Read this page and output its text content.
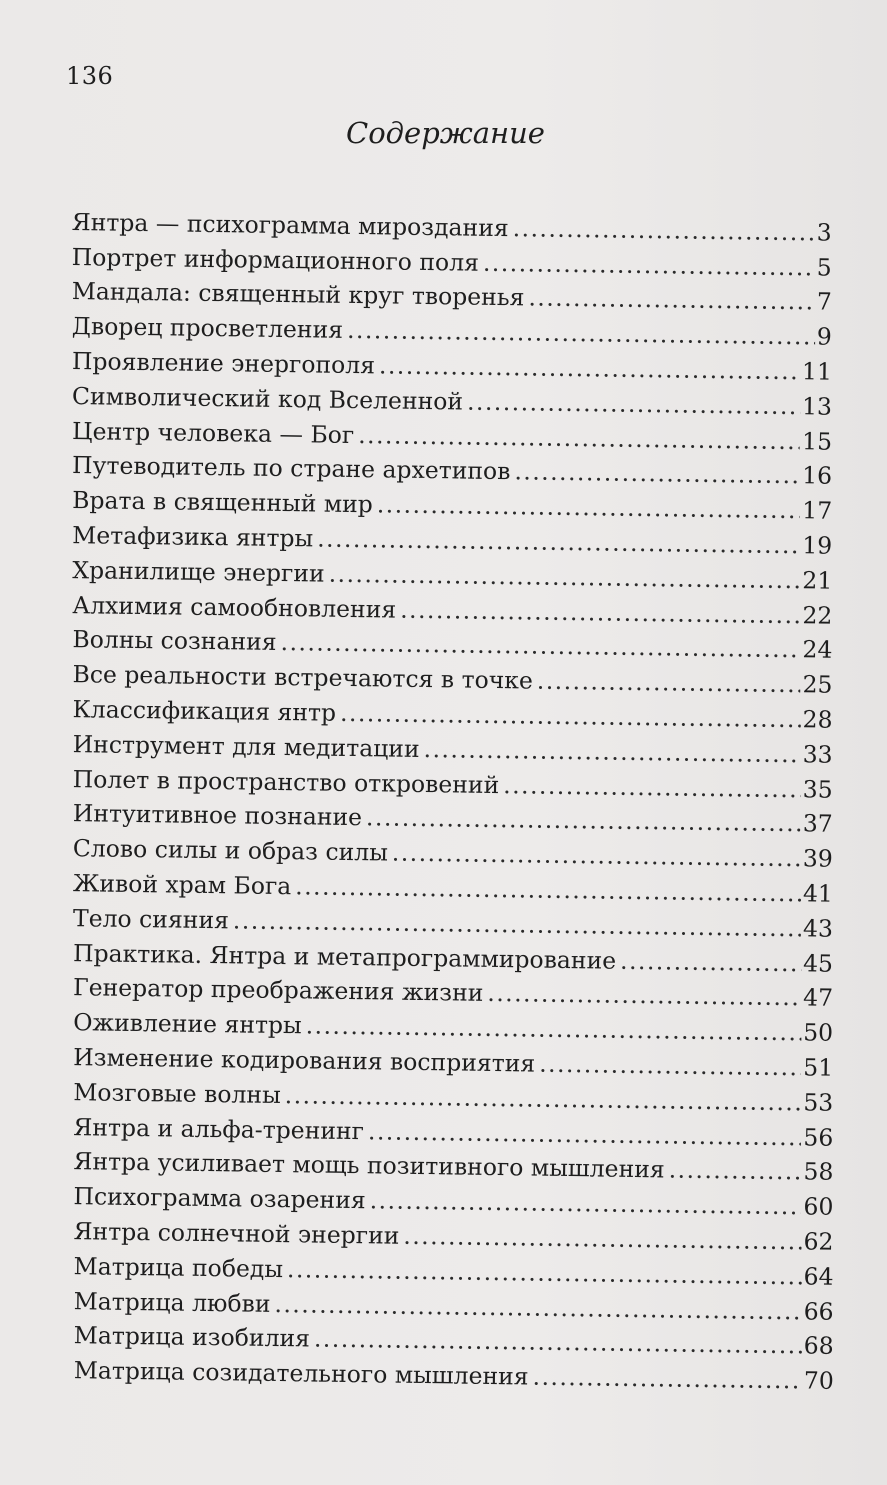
136
Содержание
Янтра — психограмма мироздания . . .	3
Портрет информационного поля . . .	5
Мандала: священный круг творенья . . .	7
Дворец просветления . . .	9
Проявление энергополя . . .	11
Символический код Вселенной . . .	13
Центр человека — Бог . . .	15
Путеводитель по стране архетипов . . .	16
Врата в священный мир . . .	17
Метафизика янтры . . .	19
Хранилище энергии . . .	21
Алхимия самообновления . . .	22
Волны сознания . . .	24
Все реальности встречаются в точке . . .	25
Классификация янтр . . .	28
Инструмент для медитации . . .	33
Полет в пространство откровений . . .	35
Интуитивное познание . . .	37
Слово силы и образ силы . . .	39
Живой храм Бога . . .	41
Тело сияния . . .	43
Практика. Янтра и метапрограммирование . . .	45
Генератор преображения жизни . . .	47
Оживление янтры . . .	50
Изменение кодирования восприятия . . .	51
Мозговые волны . . .	53
Янтра и альфа-тренинг . . .	56
Янтра усиливает мощь позитивного мышления . . .	58
Психограмма озарения . . .	60
Янтра солнечной энергии . . .	62
Матрица победы . . .	64
Матрица любви . . .	66
Матрица изобилия . . .	68
Матрица созидательного мышления . . .	70
